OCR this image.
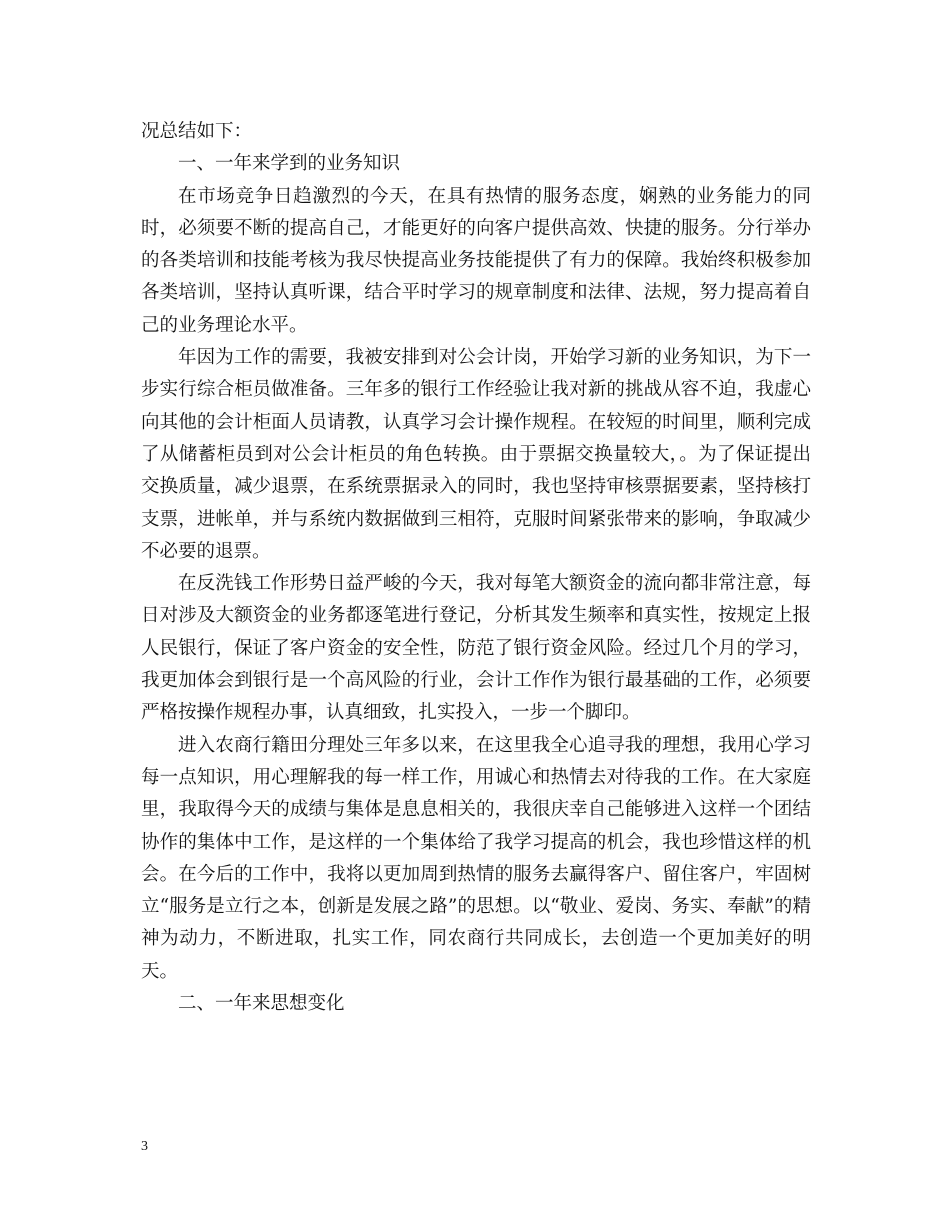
况总结如下：

一、一年来学到的业务知识

在市场竞争日趋激烈的今天，在具有热情的服务态度，娴熟的业务能力的同时，必须要不断的提高自己，才能更好的向客户提供高效、快捷的服务。分行举办的各类培训和技能考核为我尽快提高业务技能提供了有力的保障。我始终积极参加各类培训，坚持认真听课，结合平时学习的规章制度和法律、法规，努力提高着自己的业务理论水平。

年因为工作的需要，我被安排到对公会计岗，开始学习新的业务知识，为下一步实行综合柜员做准备。三年多的银行工作经验让我对新的挑战从容不迫，我虚心向其他的会计柜面人员请教，认真学习会计操作规程。在较短的时间里，顺利完成了从储蓄柜员到对公会计柜员的角色转换。由于票据交换量较大，。为了保证提出交换质量，减少退票，在系统票据录入的同时，我也坚持审核票据要素，坚持核打支票，进帐单，并与系统内数据做到三相符，克服时间紧张带来的影响，争取减少不必要的退票。

在反洗钱工作形势日益严峻的今天，我对每笔大额资金的流向都非常注意，每日对涉及大额资金的业务都逐笔进行登记，分析其发生频率和真实性，按规定上报人民银行，保证了客户资金的安全性，防范了银行资金风险。经过几个月的学习，我更加体会到银行是一个高风险的行业，会计工作作为银行最基础的工作，必须要严格按操作规程办事，认真细致，扎实投入，一步一个脚印。

进入农商行籍田分理处三年多以来，在这里我全心追寻我的理想，我用心学习每一点知识，用心理解我的每一样工作，用诚心和热情去对待我的工作。在大家庭里，我取得今天的成绩与集体是息息相关的，我很庆幸自己能够进入这样一个团结协作的集体中工作，是这样的一个集体给了我学习提高的机会，我也珍惜这样的机会。在今后的工作中，我将以更加周到热情的服务去赢得客户、留住客户，牢固树立“服务是立行之本，创新是发展之路”的思想。以“敬业、爱岗、务实、奉献”的精神为动力，不断进取，扎实工作，同农商行共同成长，去创造一个更加美好的明天。

二、一年来思想变化

3
